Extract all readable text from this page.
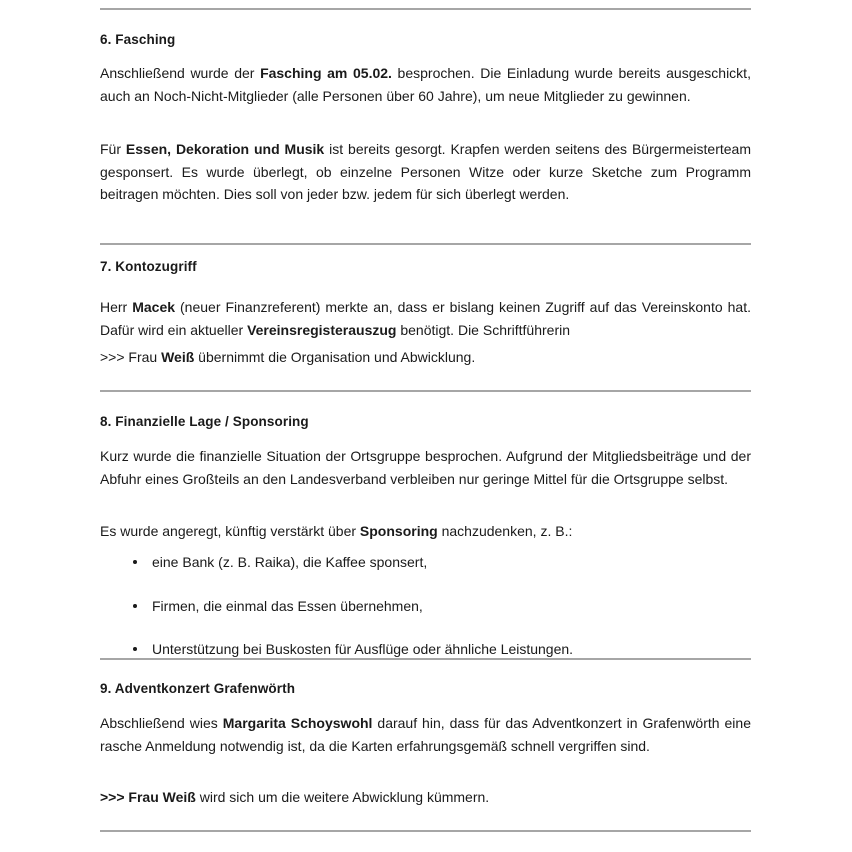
6. Fasching

Anschließend wurde der Fasching am 05.02. besprochen. Die Einladung wurde bereits ausgeschickt, auch an Noch-Nicht-Mitglieder (alle Personen über 60 Jahre), um neue Mitglieder zu gewinnen.

Für Essen, Dekoration und Musik ist bereits gesorgt. Krapfen werden seitens des Bürgermeisterteam gesponsert. Es wurde überlegt, ob einzelne Personen Witze oder kurze Sketche zum Programm beitragen möchten. Dies soll von jeder bzw. jedem für sich überlegt werden.

7. Kontozugriff

Herr Macek (neuer Finanzreferent) merkte an, dass er bislang keinen Zugriff auf das Vereinskonto hat. Dafür wird ein aktueller Vereinsregisterauszug benötigt. Die Schriftführerin

>>> Frau Weiß übernimmt die Organisation und Abwicklung.

8. Finanzielle Lage / Sponsoring

Kurz wurde die finanzielle Situation der Ortsgruppe besprochen. Aufgrund der Mitgliedsbeiträge und der Abfuhr eines Großteils an den Landesverband verbleiben nur geringe Mittel für die Ortsgruppe selbst.

Es wurde angeregt, künftig verstärkt über Sponsoring nachzudenken, z. B.:

eine Bank (z. B. Raika), die Kaffee sponsert,
Firmen, die einmal das Essen übernehmen,
Unterstützung bei Buskosten für Ausflüge oder ähnliche Leistungen.
9. Adventkonzert Grafenwörth

Abschließend wies Margarita Schoyswohl darauf hin, dass für das Adventkonzert in Grafenwörth eine rasche Anmeldung notwendig ist, da die Karten erfahrungsgemäß schnell vergriffen sind.

>>> Frau Weiß wird sich um die weitere Abwicklung kümmern.
